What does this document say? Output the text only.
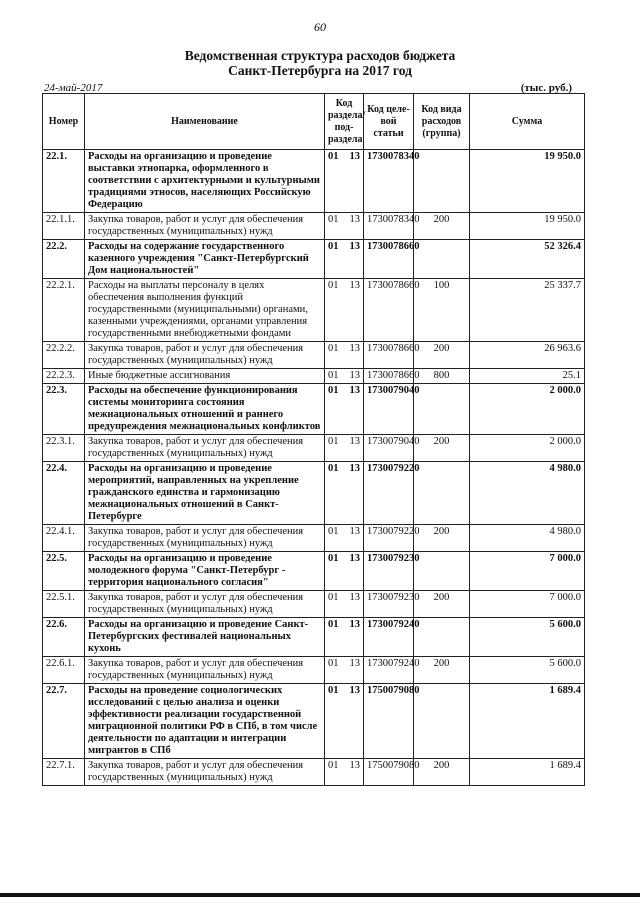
60
Ведомственная структура расходов бюджета
Санкт-Петербурга на 2017 год
24-май-2017	(тыс. руб.)
Номер	Наименование	Код раздела/ под- раздела		Код целе- вой статьи	Код вида расходов (группа)	Сумма
22.1.	Расходы на организацию и проведение выставки этнопарка, оформленного в соответствии с архитектурными и культурными традициями этносов, населяющих Российскую Федерацию	01	13	1730078340		19 950.0
22.1.1.	Закупка товаров, работ и услуг для обеспечения государственных (муниципальных) нужд	01	13	1730078340	200	19 950.0
22.2.	Расходы на содержание государственного казенного учреждения "Санкт-Петербургский Дом национальностей"	01	13	1730078660		52 326.4
22.2.1.	Расходы на выплаты персоналу в целях обеспечения выполнения функций государственными (муниципальными) органами, казенными учреждениями, органами управления государственными внебюджетными фондами	01	13	1730078660	100	25 337.7
22.2.2.	Закупка товаров, работ и услуг для обеспечения государственных (муниципальных) нужд	01	13	1730078660	200	26 963.6
22.2.3.	Иные бюджетные ассигнования	01	13	1730078660	800	25.1
22.3.	Расходы на обеспечение функционирования системы мониторинга состояния межнациональных отношений и раннего предупреждения межнациональных конфликтов	01	13	1730079040		2 000.0
22.3.1.	Закупка товаров, работ и услуг для обеспечения государственных (муниципальных) нужд	01	13	1730079040	200	2 000.0
22.4.	Расходы на организацию и проведение мероприятий, направленных на укрепление гражданского единства и гармонизацию межнациональных отношений в Санкт-Петербурге	01	13	1730079220		4 980.0
22.4.1.	Закупка товаров, работ и услуг для обеспечения государственных (муниципальных) нужд	01	13	1730079220	200	4 980.0
22.5.	Расходы на организацию и проведение молодежного форума "Санкт-Петербург - территория национального согласия"	01	13	1730079230		7 000.0
22.5.1.	Закупка товаров, работ и услуг для обеспечения государственных (муниципальных) нужд	01	13	1730079230	200	7 000.0
22.6.	Расходы на организацию и проведение Санкт-Петербургских фестивалей национальных кухонь	01	13	1730079240		5 600.0
22.6.1.	Закупка товаров, работ и услуг для обеспечения государственных (муниципальных) нужд	01	13	1730079240	200	5 600.0
22.7.	Расходы на проведение социологических исследований с целью анализа и оценки эффективности реализации государственной миграционной политики РФ в СПб, в том числе деятельности по адаптации и интеграции мигрантов в СПб	01	13	1750079080		1 689.4
22.7.1.	Закупка товаров, работ и услуг для обеспечения государственных (муниципальных) нужд	01	13	1750079080	200	1 689.4
